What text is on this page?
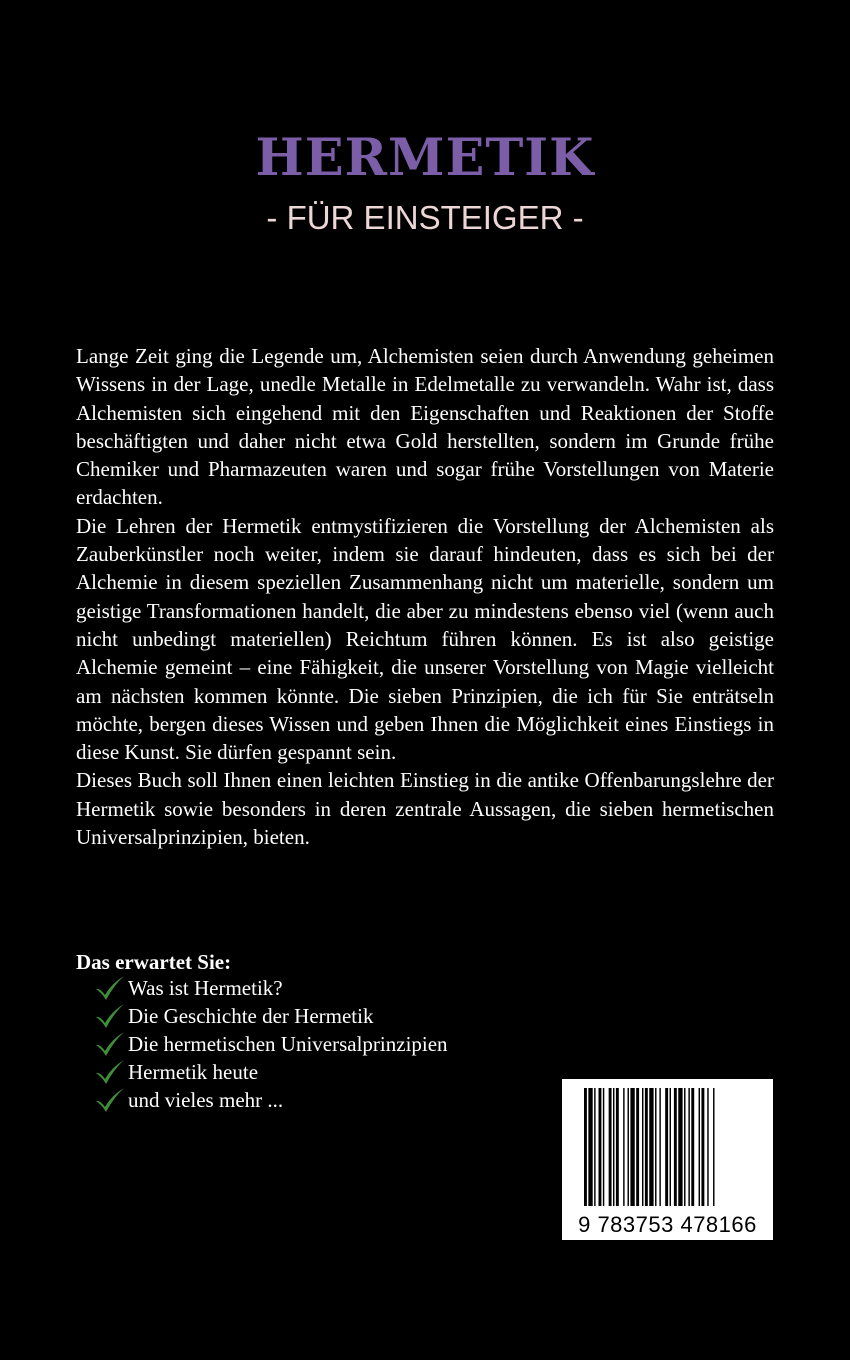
HERMETIK
- FÜR EINSTEIGER -

Lange Zeit ging die Legende um, Alchemisten seien durch Anwendung geheimen Wissens in der Lage, unedle Metalle in Edelmetalle zu verwandeln. Wahr ist, dass Alchemisten sich eingehend mit den Eigenschaften und Reaktionen der Stoffe beschäftigten und daher nicht etwa Gold herstellten, sondern im Grunde frühe Chemiker und Pharmazeuten waren und sogar frühe Vorstellungen von Materie erdachten.

Die Lehren der Hermetik entmystifizieren die Vorstellung der Alchemisten als Zauberkünstler noch weiter, indem sie darauf hindeuten, dass es sich bei der Alchemie in diesem speziellen Zusammenhang nicht um materielle, sondern um geistige Transformationen handelt, die aber zu mindestens ebenso viel (wenn auch nicht unbedingt materiellen) Reichtum führen können. Es ist also geistige Alchemie gemeint – eine Fähigkeit, die unserer Vorstellung von Magie vielleicht am nächsten kommen könnte. Die sieben Prinzipien, die ich für Sie enträtseln möchte, bergen dieses Wissen und geben Ihnen die Möglichkeit eines Einstiegs in diese Kunst. Sie dürfen gespannt sein.

Dieses Buch soll Ihnen einen leichten Einstieg in die antike Offenbarungslehre der Hermetik sowie besonders in deren zentrale Aussagen, die sieben hermetischen Universalprinzipien, bieten.

Das erwartet Sie:
Was ist Hermetik?
Die Geschichte der Hermetik
Die hermetischen Universalprinzipien
Hermetik heute
und vieles mehr ...
9 783753 478166
